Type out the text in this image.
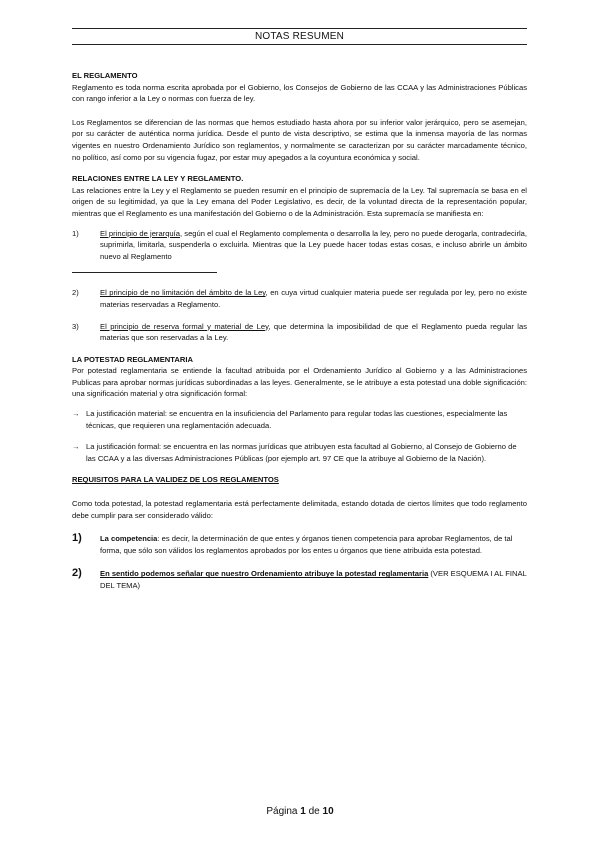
NOTAS RESUMEN

EL REGLAMENTO

Reglamento es toda norma escrita aprobada por el Gobierno, los Consejos de Gobierno de las CCAA y las Administraciones Públicas con rango inferior a la Ley o normas con fuerza de ley.

Los Reglamentos se diferencian de las normas que hemos estudiado hasta ahora por su inferior valor jerárquico, pero se asemejan, por su carácter de auténtica norma jurídica. Desde el punto de vista descriptivo, se estima que la inmensa mayoría de las normas vigentes en nuestro Ordenamiento Jurídico son reglamentos, y normalmente se caracterizan por su carácter marcadamente técnico, no político, así como por su vigencia fugaz, por estar muy apegados a la coyuntura económica y social.

RELACIONES ENTRE LA LEY Y REGLAMENTO.

Las relaciones entre la Ley y el Reglamento se pueden resumir en el principio de supremacía de la Ley. Tal supremacía se basa en el origen de su legitimidad, ya que la Ley emana del Poder Legislativo, es decir, de la voluntad directa de la representación popular, mientras que el Reglamento es una manifestación del Gobierno o de la Administración. Esta supremacía se manifiesta en:

1)	El principio de jerarquía, según el cual el Reglamento complementa o desarrolla la ley, pero no puede derogarla, contradecirla, suprimirla, limitarla, suspenderla o excluirla. Mientras que la Ley puede hacer todas estas cosas, e incluso abrirle un ámbito nuevo al Reglamento
2)	El principio de no limitación del ámbito de la Ley, en cuya virtud cualquier materia puede ser regulada por ley, pero no existe materias reservadas a Reglamento.
3)	El principio de reserva formal y material de Ley, que determina la imposibilidad de que el Reglamento pueda regular las materias que son reservadas a la Ley.

LA POTESTAD REGLAMENTARIA

Por potestad reglamentaria se entiende la facultad atribuida por el Ordenamiento Jurídico al Gobierno y a las Administraciones Publicas para aprobar normas jurídicas subordinadas a las leyes. Generalmente, se le atribuye a esta potestad una doble significación: una significación material y otra significación formal:

→ La justificación material: se encuentra en la insuficiencia del Parlamento para regular todas las cuestiones, especialmente las técnicas, que requieren una reglamentación adecuada.
→ La justificación formal: se encuentra en las normas jurídicas que atribuyen esta facultad al Gobierno, al Consejo de Gobierno de las CCAA y a las diversas Administraciones Públicas (por ejemplo art. 97 CE que la atribuye al Gobierno de la Nación).

REQUISITOS PARA LA VALIDEZ DE LOS REGLAMENTOS

Como toda potestad, la potestad reglamentaria está perfectamente delimitada, estando dotada de ciertos límites que todo reglamento debe cumplir para ser considerado válido:

1)	La competencia: es decir, la determinación de que entes y órganos tienen competencia para aprobar Reglamentos, de tal forma, que sólo son válidos los reglamentos aprobados por los entes u órganos que tiene atribuida esta potestad.
2)	En sentido podemos señalar que nuestro Ordenamiento atribuye la potestad reglamentaria (VER ESQUEMA I AL FINAL DEL TEMA)
Página 1 de 10
